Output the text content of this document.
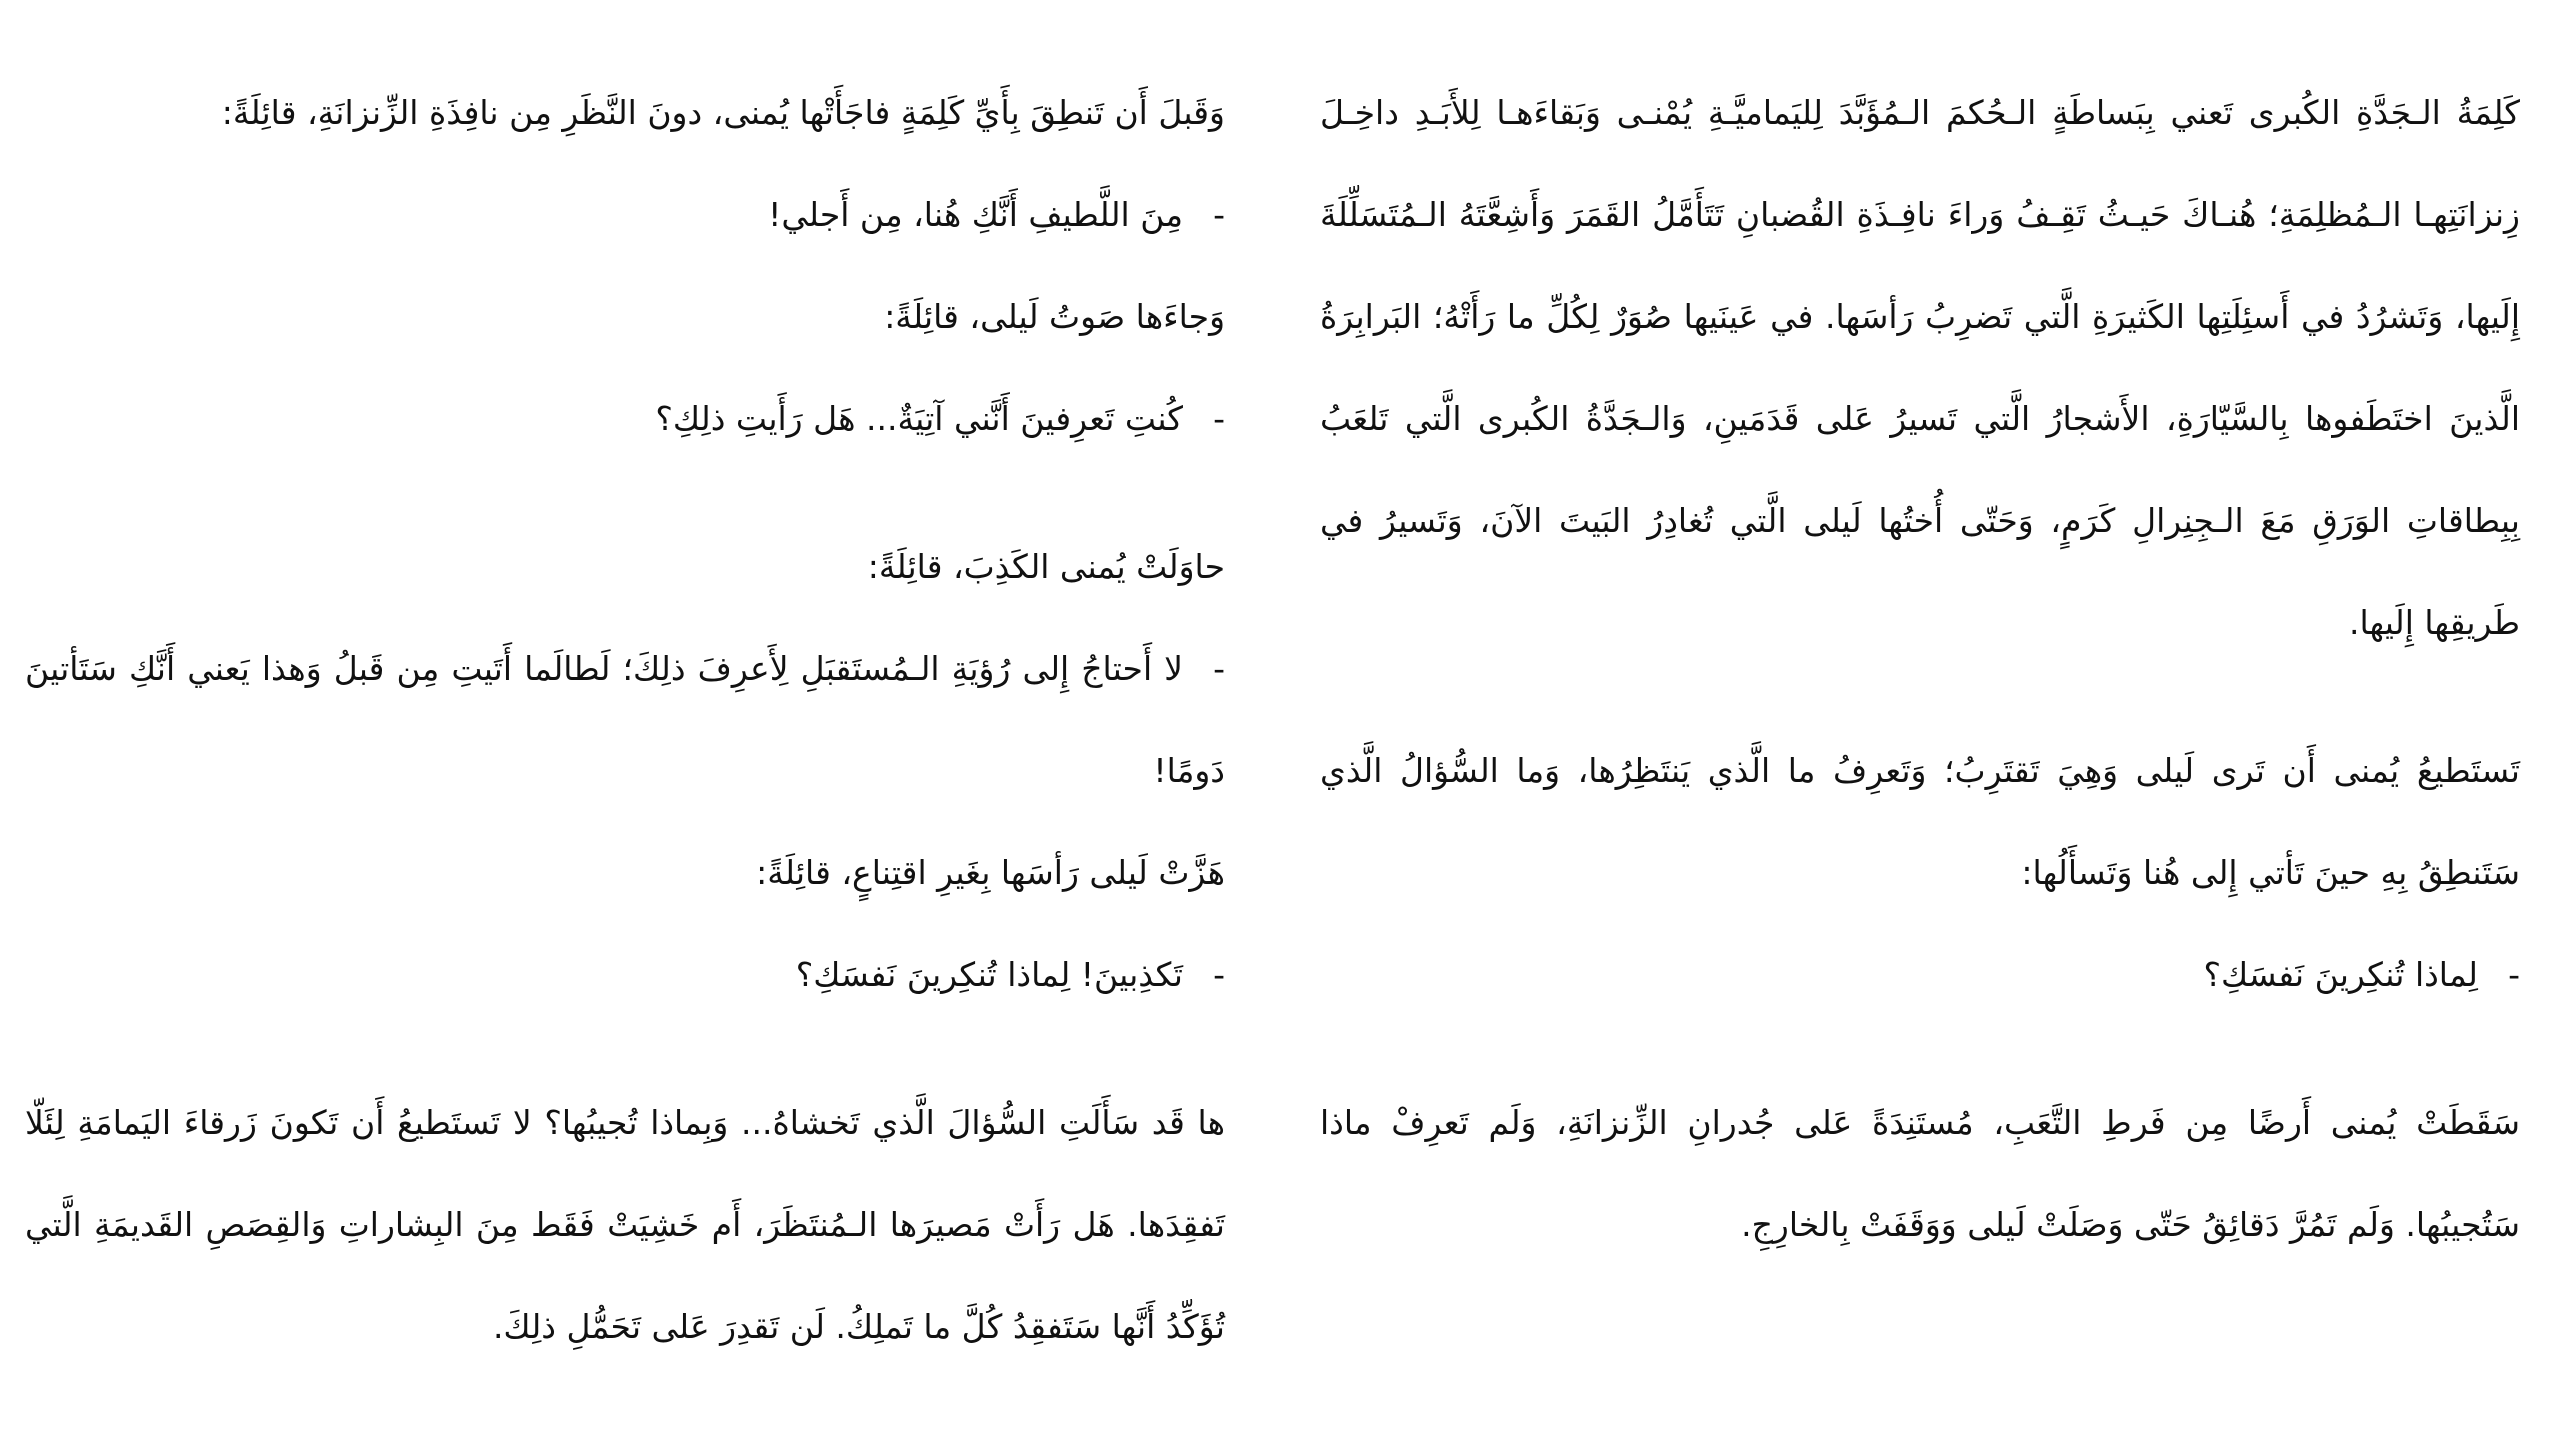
كَلِمَةُ الـجَدَّةِ الكُبرى تَعني بِبَساطَةٍ الـحُكمَ الـمُؤَبَّدَ لِليَماميَّـةِ يُمْنـى وَبَقاءَهـا لِلأَبَـدِ داخِـلَ زِنزانَتِهـا الـمُظلِمَةِ؛ هُنـاكَ حَيـثُ تَقِـفُ وَراءَ نافِـذَةِ القُضبانِ تَتَأَمَّلُ القَمَرَ وَأَشِعَّتَهُ الـمُتَسَلِّلَةَ إِلَيها، وَتَشرُدُ في أَسئِلَتِها الكَثيرَةِ الَّتي تَضرِبُ رَأسَها. في عَينَيها صُوَرٌ لِكُلِّ ما رَأَتْهُ؛ البَرابِرَةُ الَّذينَ اختَطَفوها بِالسَّيّارَةِ، الأَشجارُ الَّتي تَسيرُ عَلى قَدَمَينِ، وَالـجَدَّةُ الكُبرى الَّتي تَلعَبُ بِبِطاقاتِ الوَرَقِ مَعَ الـجِنِرالِ كَرَمٍ، وَحَتّى أُختُها لَيلى الَّتي تُغادِرُ البَيتَ الآنَ، وَتَسيرُ في طَريقِها إِلَيها.

تَستَطيعُ يُمنى أَن تَرى لَيلى وَهِيَ تَقتَرِبُ؛ وَتَعرِفُ ما الَّذي يَنتَظِرُها، وَما السُّؤالُ الَّذي سَتَنطِقُ بِهِ حينَ تَأتي إِلى هُنا وَتَسأَلُها:

-لِماذا تُنكِرينَ نَفسَكِ؟

سَقَطَتْ يُمنى أَرضًا مِن فَرطِ التَّعَبِ، مُستَنِدَةً عَلى جُدرانِ الزِّنزانَةِ، وَلَم تَعرِفْ ماذا سَتُجيبُها. وَلَم تَمُرَّ دَقائِقُ حَتّى وَصَلَتْ لَيلى وَوَقَفَتْ بِالخارِجِ.

وَقَبلَ أَن تَنطِقَ بِأَيِّ كَلِمَةٍ فاجَأَتْها يُمنى، دونَ النَّظَرِ مِن نافِذَةِ الزِّنزانَةِ، قائِلَةً:

-مِنَ اللَّطيفِ أَنَّكِ هُنا، مِن أَجلي!

وَجاءَها صَوتُ لَيلى، قائِلَةً:

-كُنتِ تَعرِفينَ أَنَّني آتِيَةٌ... هَل رَأَيتِ ذلِكِ؟

حاوَلَتْ يُمنى الكَذِبَ، قائِلَةً:

-لا أَحتاجُ إِلى رُؤيَةِ الـمُستَقبَلِ لِأَعرِفَ ذلِكَ؛ لَطالَما أَتَيتِ مِن قَبلُ وَهذا يَعني أَنَّكِ سَتَأتينَ دَومًا!

هَزَّتْ لَيلى رَأسَها بِغَيرِ اقتِناعٍ، قائِلَةً:

-تَكذِبينَ! لِماذا تُنكِرينَ نَفسَكِ؟

ها قَد سَأَلَتِ السُّؤالَ الَّذي تَخشاهُ... وَبِماذا تُجيبُها؟ لا تَستَطيعُ أَن تَكونَ زَرقاءَ اليَمامَةِ لِئَلّا تَفقِدَها. هَل رَأَتْ مَصيرَها الـمُنتَظَرَ، أَم خَشِيَتْ فَقَط مِنَ البِشاراتِ وَالقِصَصِ القَديمَةِ الَّتي تُؤَكِّدُ أَنَّها سَتَفقِدُ كُلَّ ما تَملِكُ. لَن تَقدِرَ عَلى تَحَمُّلِ ذلِكَ.
